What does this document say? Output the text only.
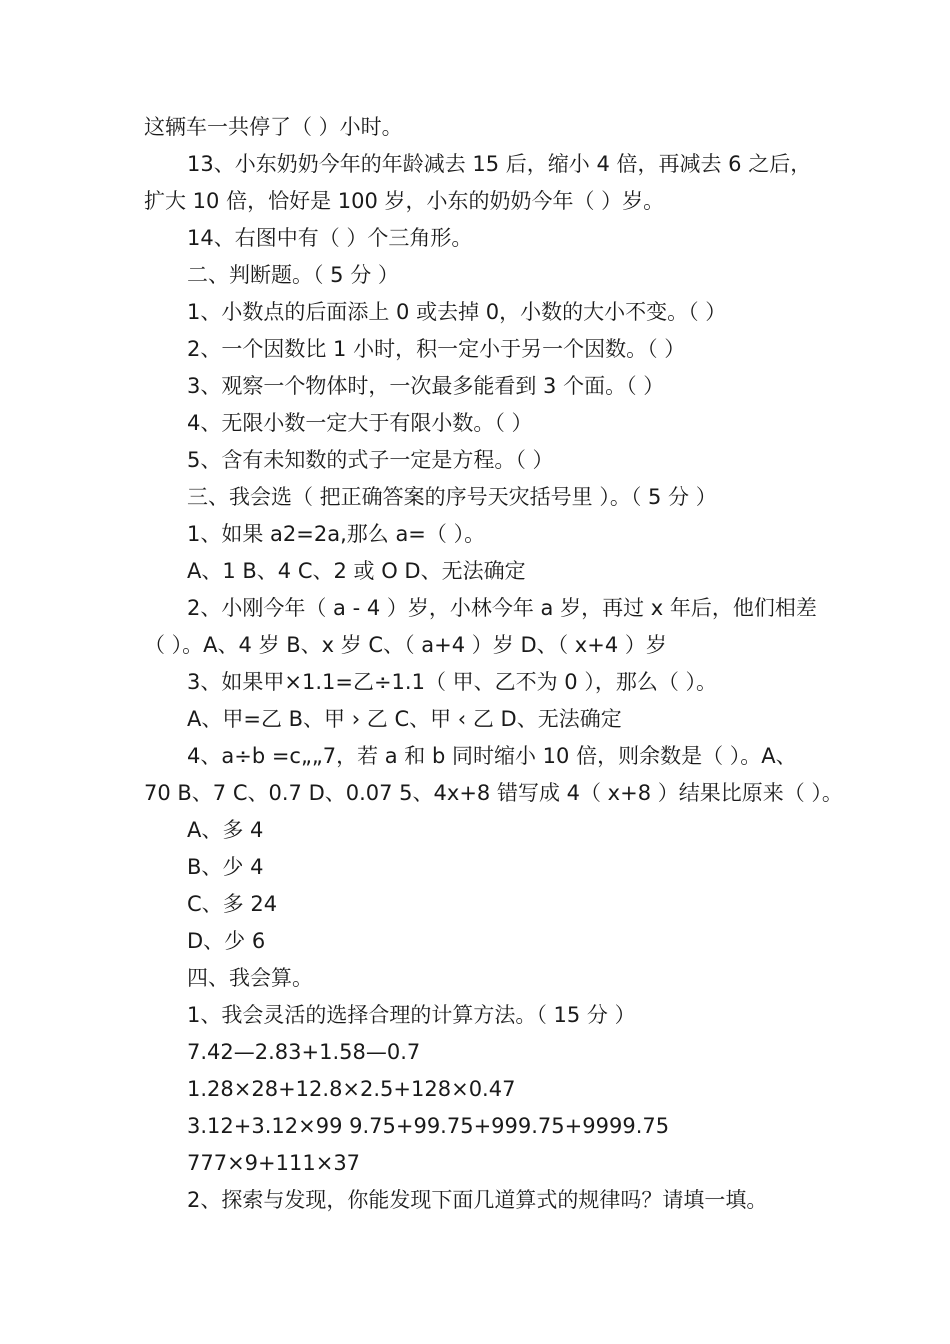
这辆车一共停了（ ）小时。
13、小东奶奶今年的年龄减去 15 后，缩小 4 倍，再减去 6 之后，
扩大 10 倍，恰好是 100 岁，小东的奶奶今年（ ）岁。
14、右图中有（ ）个三角形。
二、判断题。（ 5 分 ）
1、小数点的后面添上 0 或去掉 0，小数的大小不变。（ ）
2、一个因数比 1 小时，积一定小于另一个因数。（ ）
3、观察一个物体时，一次最多能看到 3 个面。（ ）
4、无限小数一定大于有限小数。（ ）
5、含有未知数的式子一定是方程。（ ）
三、我会选（ 把正确答案的序号天灾括号里 ）。（ 5 分 ）
1、如果 a2=2a,那么 a=（ ）。
A、1 B、4 C、2 或 O D、无法确定
2、小刚今年（ a - 4 ）岁，小林今年 a 岁，再过 x 年后，他们相差
（ ）。A、4 岁 B、x 岁 C、（ a+4 ）岁 D、（ x+4 ）岁
3、如果甲×1.1=乙÷1.1（ 甲、乙不为 0 ），那么（ ）。
A、甲=乙 B、甲 › 乙 C、甲 ‹ 乙 D、无法确定
4、a÷b =c„„7，若 a 和 b 同时缩小 10 倍，则余数是（ ）。A、
70 B、7 C、0.7 D、0.07 5、4x+8 错写成 4（ x+8 ）结果比原来（ ）。
A、多 4
B、少 4
C、多 24
D、少 6
四、我会算。
1、我会灵活的选择合理的计算方法。（ 15 分 ）
7.42—2.83+1.58—0.7
1.28×28+12.8×2.5+128×0.47
3.12+3.12×99 9.75+99.75+999.75+9999.75
777×9+111×37
2、探索与发现，你能发现下面几道算式的规律吗？请填一填。
